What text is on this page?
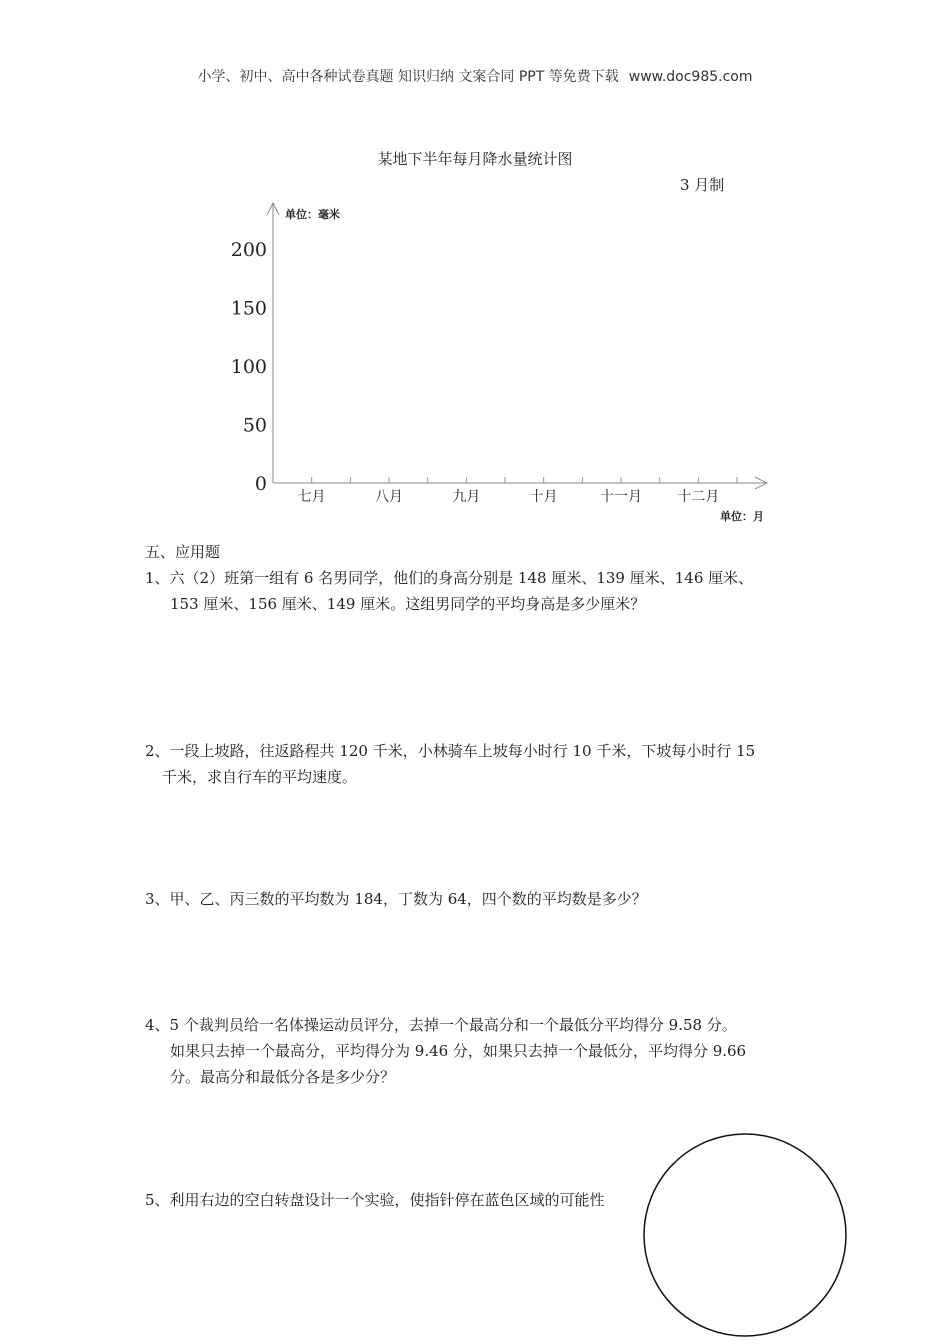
小学、初中、高中各种试卷真题 知识归纳 文案合同 PPT 等免费下载 www.doc985.com
某地下半年每月降水量统计图
3 月制
单位：毫米
单位：月
0
50
100
150
200
七月	八月	九月	十月	十一月	十二月
五、应用题
1、六（2）班第一组有 6 名男同学，他们的身高分别是 148 厘米、139 厘米、146 厘米、
153 厘米、156 厘米、149 厘米。这组男同学的平均身高是多少厘米？
2、一段上坡路，往返路程共 120 千米，小林骑车上坡每小时行 10 千米，下坡每小时行 15
千米，求自行车的平均速度。
3、甲、乙、丙三数的平均数为 184，丁数为 64，四个数的平均数是多少？
4、5 个裁判员给一名体操运动员评分，去掉一个最高分和一个最低分平均得分 9.58 分。
如果只去掉一个最高分，平均得分为 9.46 分，如果只去掉一个最低分，平均得分 9.66
分。最高分和最低分各是多少分？
5、利用右边的空白转盘设计一个实验，使指针停在蓝色区域的可能性
